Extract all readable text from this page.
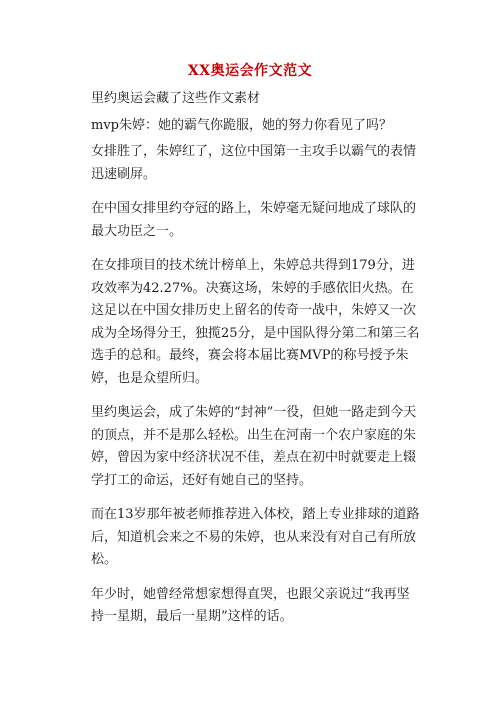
XX奥运会作文范文

里约奥运会藏了这些作文素材

mvp朱婷：她的霸气你跪服，她的努力你看见了吗？

女排胜了，朱婷红了，这位中国第一主攻手以霸气的表情迅速刷屏。

在中国女排里约夺冠的路上，朱婷毫无疑问地成了球队的最大功臣之一。

在女排项目的技术统计榜单上，朱婷总共得到179分，进攻效率为42.27%。决赛这场，朱婷的手感依旧火热。在这足以在中国女排历史上留名的传奇一战中，朱婷又一次成为全场得分王，独揽25分，是中国队得分第二和第三名选手的总和。最终，赛会将本届比赛MVP的称号授予朱婷，也是众望所归。

里约奥运会，成了朱婷的“封神”一役，但她一路走到今天的顶点，并不是那么轻松。出生在河南一个农户家庭的朱婷，曾因为家中经济状况不佳，差点在初中时就要走上辍学打工的命运，还好有她自己的坚持。

而在13岁那年被老师推荐进入体校，踏上专业排球的道路后，知道机会来之不易的朱婷，也从来没有对自己有所放松。

年少时，她曾经常想家想得直哭，也跟父亲说过“我再坚持一星期，最后一星期”这样的话。
